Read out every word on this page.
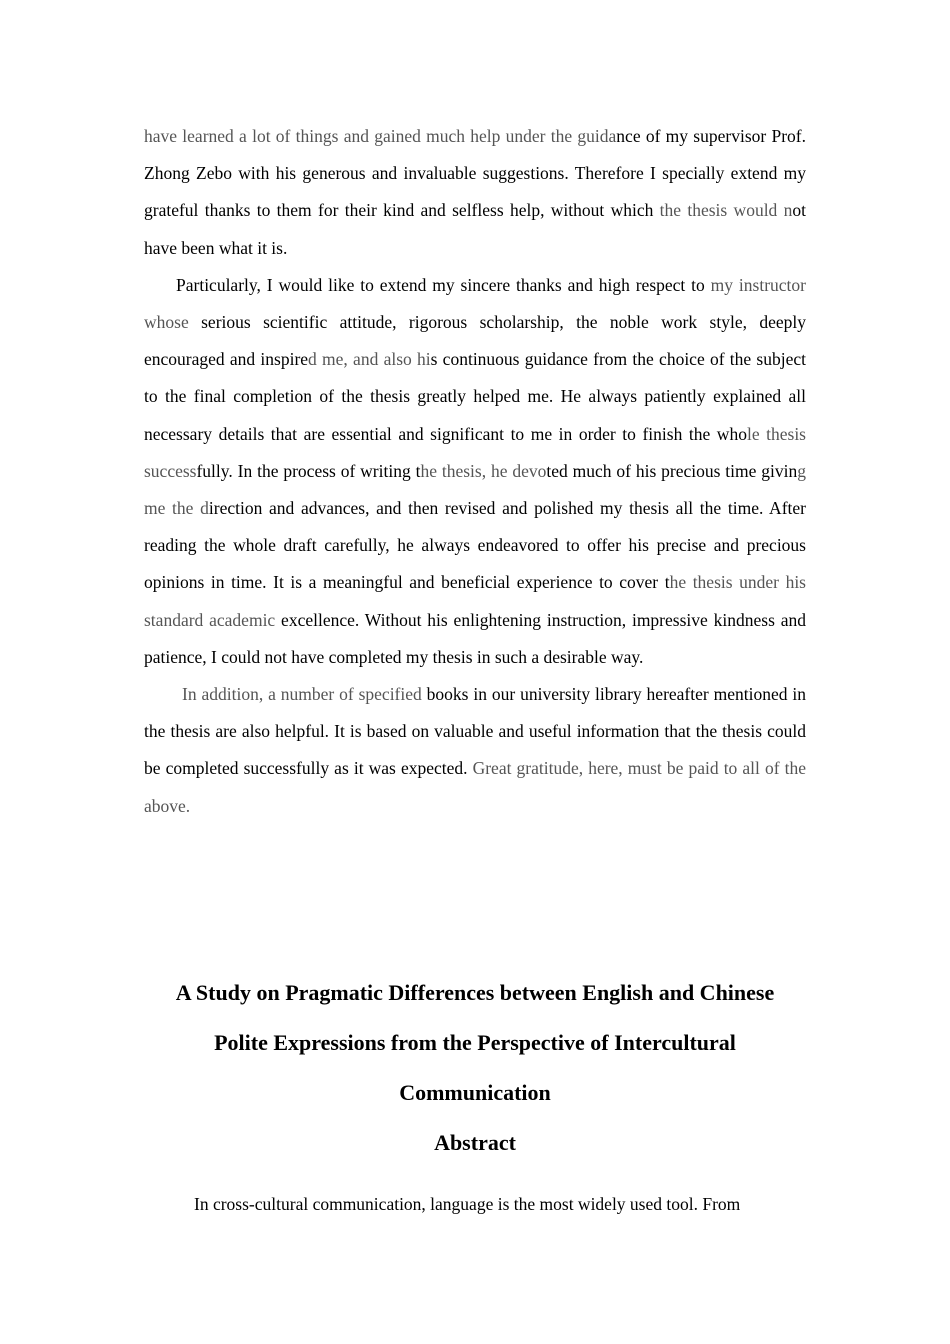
have learned a lot of things and gained much help under the guidance of my supervisor Prof. Zhong Zebo with his generous and invaluable suggestions. Therefore I specially extend my grateful thanks to them for their kind and selfless help, without which the thesis would not have been what it is.

Particularly, I would like to extend my sincere thanks and high respect to my instructor whose serious scientific attitude, rigorous scholarship, the noble work style, deeply encouraged and inspired me, and also his continuous guidance from the choice of the subject to the final completion of the thesis greatly helped me. He always patiently explained all necessary details that are essential and significant to me in order to finish the whole thesis successfully. In the process of writing the thesis, he devoted much of his precious time giving me the direction and advances, and then revised and polished my thesis all the time. After reading the whole draft carefully, he always endeavored to offer his precise and precious opinions in time. It is a meaningful and beneficial experience to cover the thesis under his standard academic excellence. Without his enlightening instruction, impressive kindness and patience, I could not have completed my thesis in such a desirable way.

In addition, a number of specified books in our university library hereafter mentioned in the thesis are also helpful. It is based on valuable and useful information that the thesis could be completed successfully as it was expected. Great gratitude, here, must be paid to all of the above.

A Study on Pragmatic Differences between English and Chinese
Polite Expressions from the Perspective of Intercultural
Communication
Abstract

In cross-cultural communication, language is the most widely used tool. From
